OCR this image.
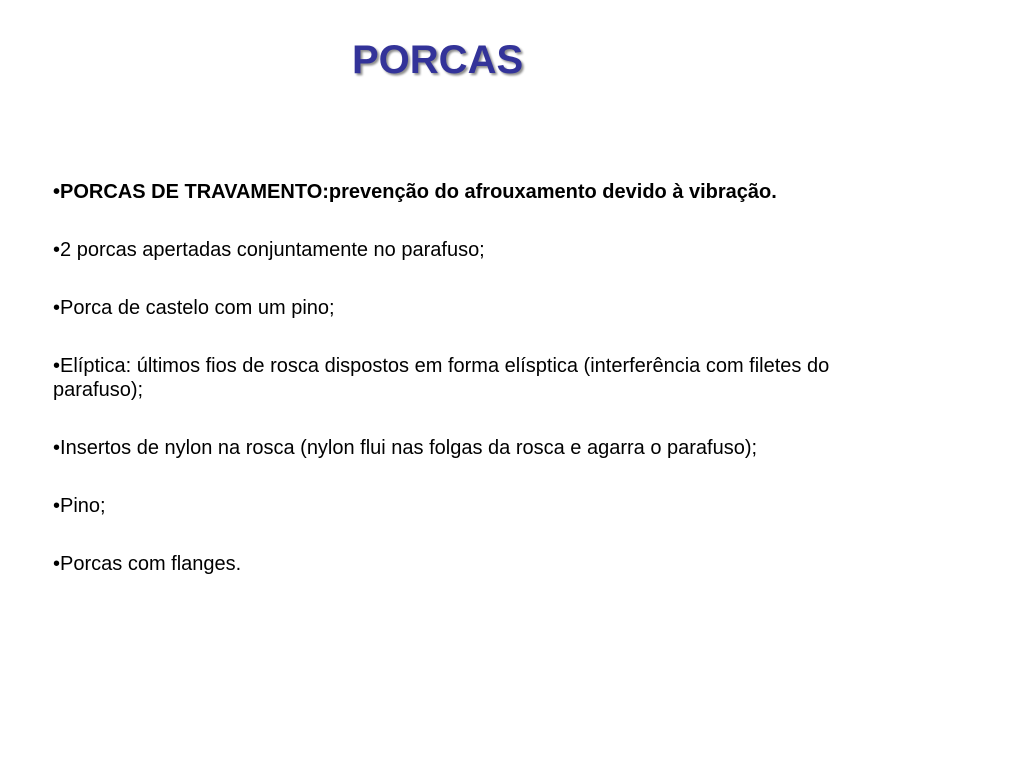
PORCAS
•PORCAS DE TRAVAMENTO:prevenção do afrouxamento devido à vibração.
•2 porcas apertadas conjuntamente no parafuso;
•Porca de castelo com um pino;
•Elíptica: últimos fios de rosca dispostos em forma elísptica (interferência com filetes do parafuso);
•Insertos de nylon na rosca (nylon flui nas folgas da rosca e agarra o parafuso);
•Pino;
•Porcas com flanges.
